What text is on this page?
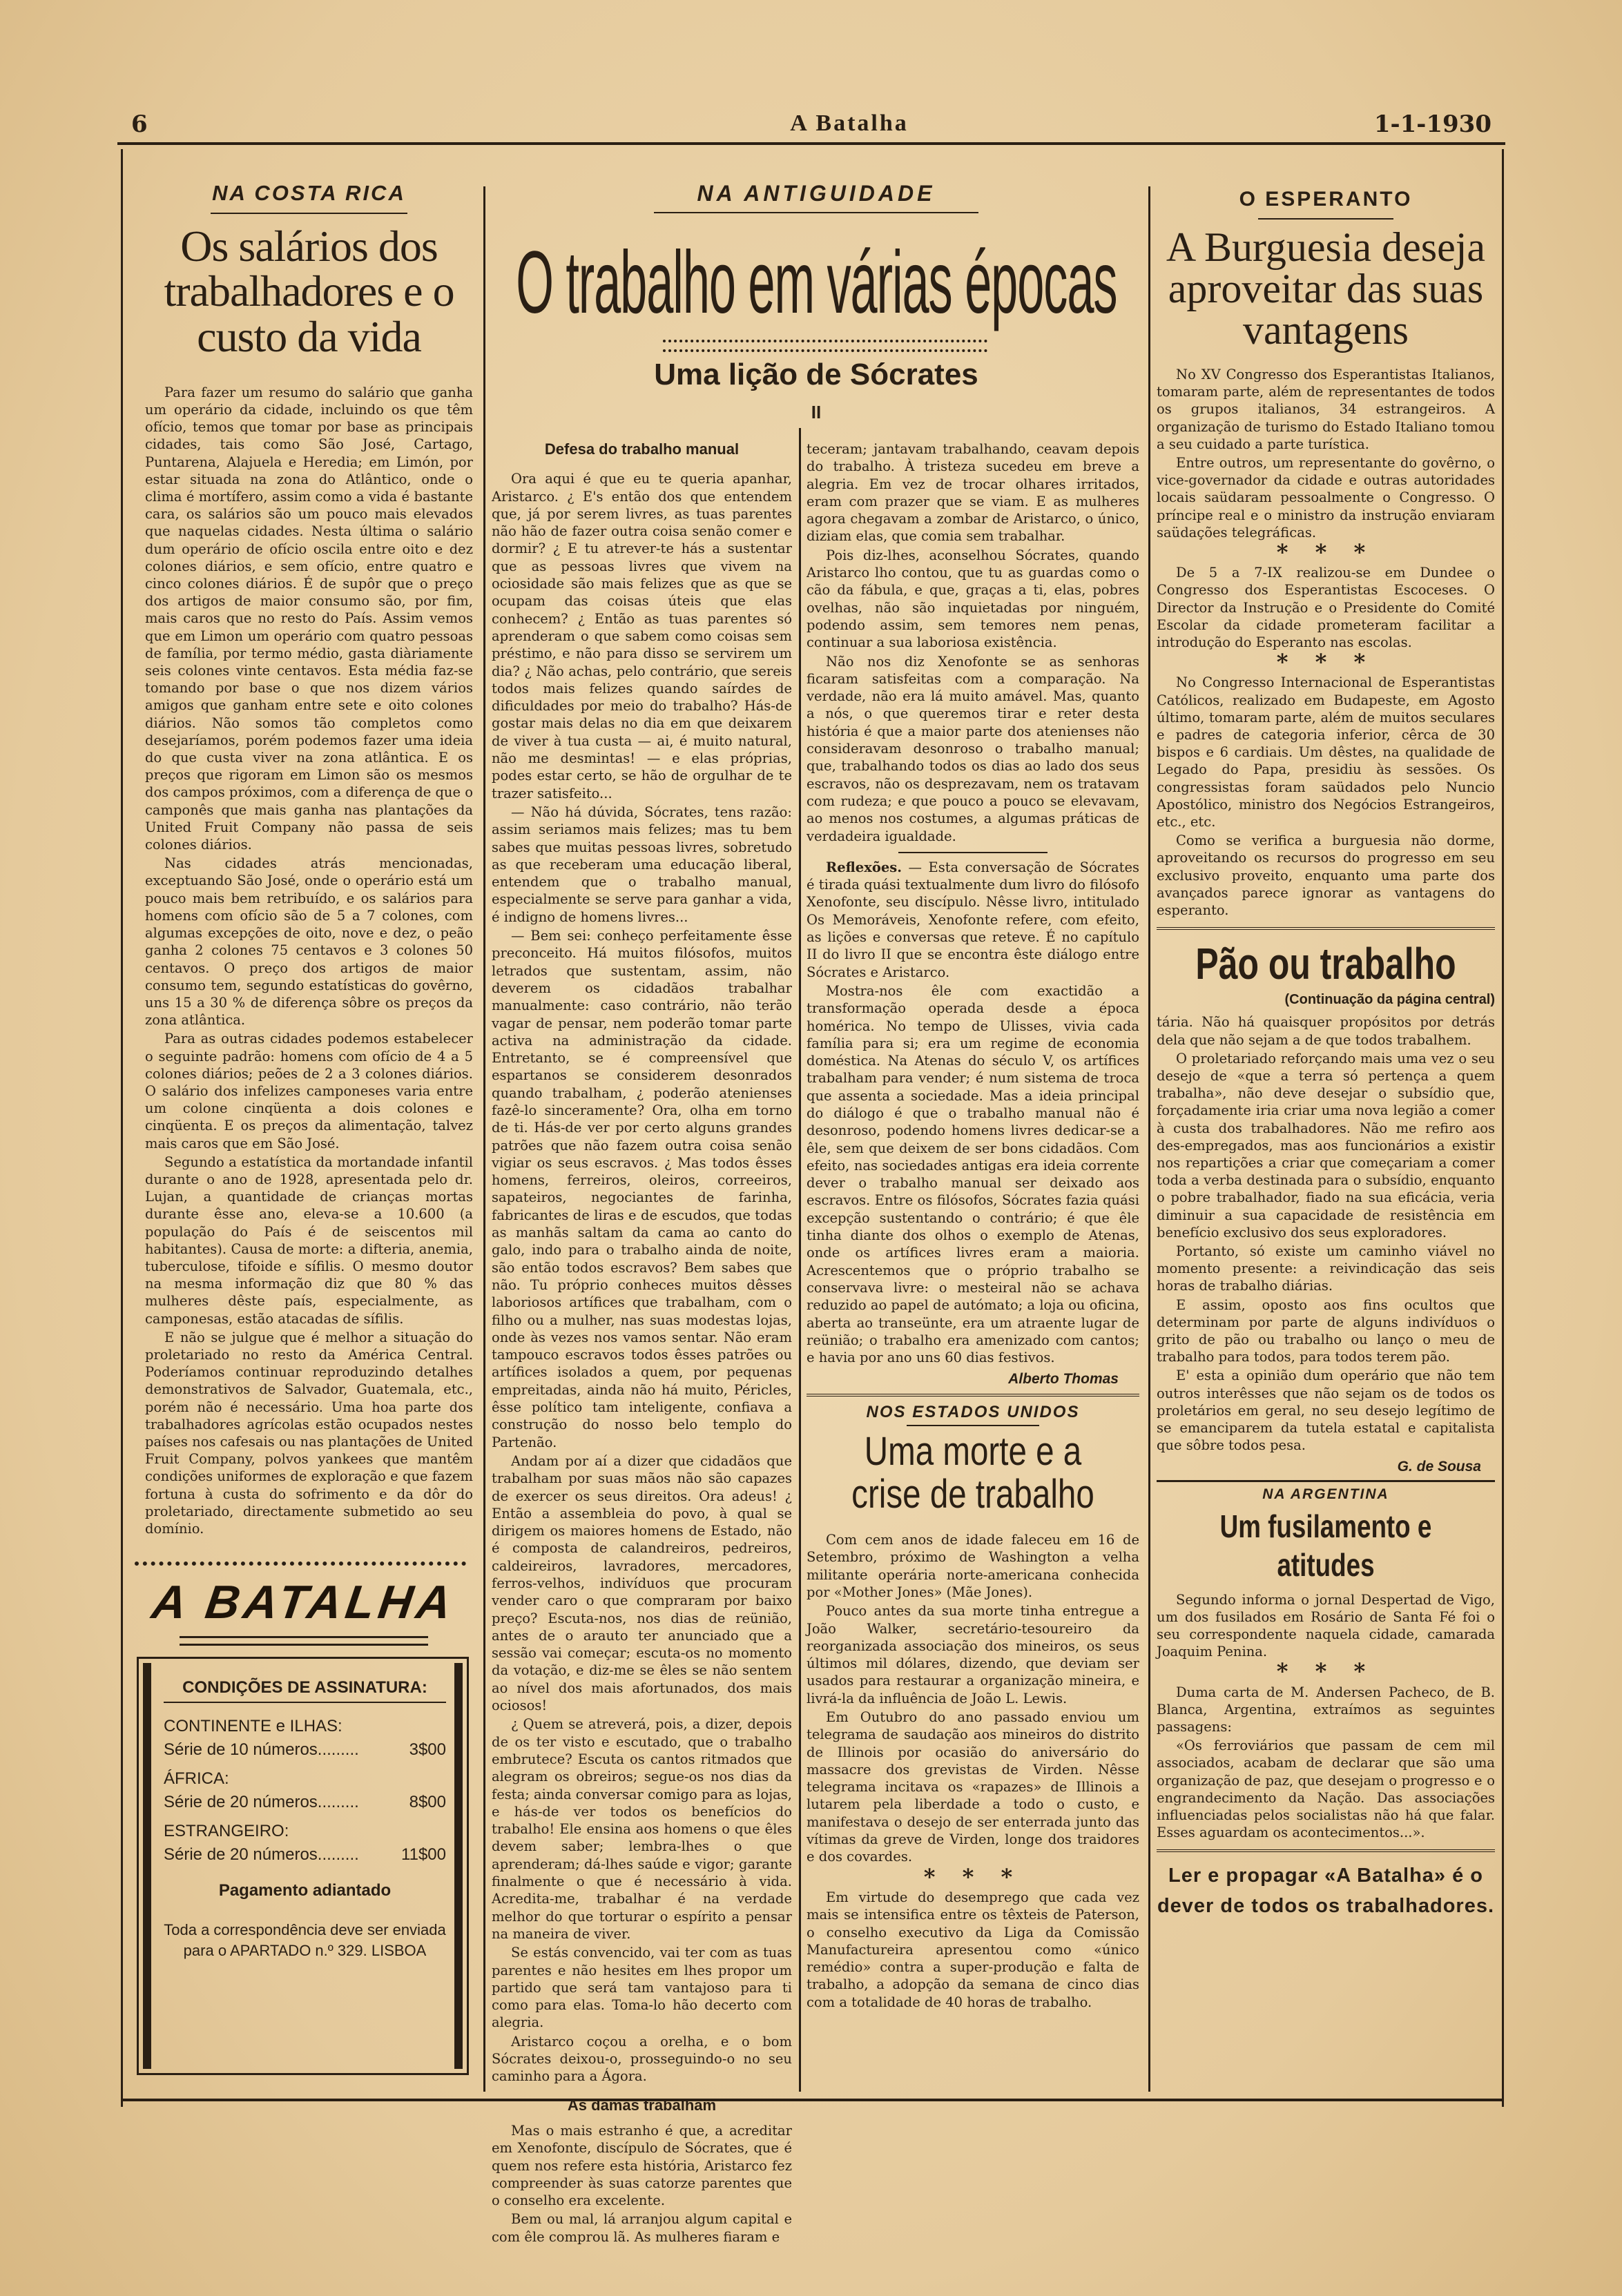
6	A Batalha	1-1-1930
NA COSTA RICA
Os salários dos trabalhadores e o custo da vida

Para fazer um resumo do salário que ganha um operário da cidade, incluindo os que têm ofício, temos que tomar por base as principais cidades, tais como São José, Cartago, Puntarena, Alajuela e Heredia; em Limón, por estar situada na zona do Atlântico, onde o clima é mortífero, assim como a vida é bastante cara, os salários são um pouco mais elevados que naquelas cidades. Nesta última o salário dum operário de ofício oscila entre oito e dez colones diários, e sem ofício, entre quatro e cinco colones diários. É de supôr que o preço dos artigos de maior consumo são, por fim, mais caros que no resto do País. Assim vemos que em Limon um operário com quatro pessoas de família, por termo médio, gasta diàriamente seis colones vinte centavos. Esta média faz-se tomando por base o que nos dizem vários amigos que ganham entre sete e oito colones diários. Não somos tão completos como desejaríamos, porém podemos fazer uma ideia do que custa viver na zona atlântica. E os preços que rigoram em Limon são os mesmos dos campos próximos, com a diferença de que o camponês que mais ganha nas plantações da United Fruit Company não passa de seis colones diários.

Nas cidades atrás mencionadas, exceptuando São José, onde o operário está um pouco mais bem retribuído, e os salários para homens com ofício são de 5 a 7 colones, com algumas excepções de oito, nove e dez, o peão ganha 2 colones 75 centavos e 3 colones 50 centavos. O preço dos artigos de maior consumo tem, segundo estatísticas do govêrno, uns 15 a 30 % de diferença sôbre os preços da zona atlântica.

Para as outras cidades podemos estabelecer o seguinte padrão: homens com ofício de 4 a 5 colones diários; peões de 2 a 3 colones diários. O salário dos infelizes camponeses varia entre um colone cinqüenta a dois colones e cinqüenta. E os preços da alimentação, talvez mais caros que em São José.

Segundo a estatística da mortandade infantil durante o ano de 1928, apresentada pelo dr. Lujan, a quantidade de crianças mortas durante êsse ano, eleva-se a 10.600 (a população do País é de seiscentos mil habitantes). Causa de morte: a difteria, anemia, tuberculose, tifoide e sífilis. O mesmo doutor na mesma informação diz que 80 % das mulheres dêste país, especialmente, as camponesas, estão atacadas de sífilis.

E não se julgue que é melhor a situação do proletariado no resto da América Central. Poderíamos continuar reproduzindo detalhes demonstrativos de Salvador, Guatemala, etc., porém não é necessário. Uma hoa parte dos trabalhadores agrícolas estão ocupados nestes países nos cafesais ou nas plantações de United Fruit Company, polvos yankees que mantêm condições uniformes de exploração e que fazem fortuna à custa do sofrimento e da dôr do proletariado, directamente submetido ao seu domínio.

A BATALHA
CONDIÇÕES DE ASSINATURA:
CONTINENTE e ILHAS:
Série de 10 números.........	3$00
ÁFRICA:
Série de 20 números.........	8$00
ESTRANGEIRO:
Série de 20 números.........	11$00
Pagamento adiantado
Toda a correspondência deve ser enviada para o APARTADO n.º 329. LISBOA
NA ANTIGUIDADE
O trabalho em várias épocas
Uma lição de Sócrates
II
Defesa do trabalho manual

Ora aqui é que eu te queria apanhar, Aristarco. ¿ E's então dos que entendem que, já por serem livres, as tuas parentes não hão de fazer outra coisa senão comer e dormir? ¿ E tu atrever-te hás a sustentar que as pessoas livres que vivem na ociosidade são mais felizes que as que se ocupam das coisas úteis que elas conhecem? ¿ Então as tuas parentes só aprenderam o que sabem como coisas sem préstimo, e não para disso se servirem um dia? ¿ Não achas, pelo contrário, que sereis todos mais felizes quando saírdes de dificuldades por meio do trabalho? Hás-de gostar mais delas no dia em que deixarem de viver à tua custa — ai, é muito natural, não me desmintas! — e elas próprias, podes estar certo, se hão de orgulhar de te trazer satisfeito...

— Não há dúvida, Sócrates, tens razão: assim seriamos mais felizes; mas tu bem sabes que muitas pessoas livres, sobretudo as que receberam uma educação liberal, entendem que o trabalho manual, especialmente se serve para ganhar a vida, é indigno de homens livres...

— Bem sei: conheço perfeitamente êsse preconceito. Há muitos filósofos, muitos letrados que sustentam, assim, não deverem os cidadãos trabalhar manualmente: caso contrário, não terão vagar de pensar, nem poderão tomar parte activa na administração da cidade. Entretanto, se é compreensível que espartanos se considerem desonrados quando trabalham, ¿ poderão atenienses fazê-lo sinceramente? Ora, olha em torno de ti. Hás-de ver por certo alguns grandes patrões que não fazem outra coisa senão vigiar os seus escravos. ¿ Mas todos êsses homens, ferreiros, oleiros, correeiros, sapateiros, negociantes de farinha, fabricantes de liras e de escudos, que todas as manhãs saltam da cama ao canto do galo, indo para o trabalho ainda de noite, são então todos escravos? Bem sabes que não. Tu próprio conheces muitos dêsses laboriosos artífices que trabalham, com o filho ou a mulher, nas suas modestas lojas, onde às vezes nos vamos sentar. Não eram tampouco escravos todos êsses patrões ou artífices isolados a quem, por pequenas empreitadas, ainda não há muito, Péricles, êsse político tam inteligente, confiava a construção do nosso belo templo do Partenão.

Andam por aí a dizer que cidadãos que trabalham por suas mãos não são capazes de exercer os seus direitos. Ora adeus! ¿ Então a assembleia do povo, à qual se dirigem os maiores homens de Estado, não é composta de calandreiros, pedreiros, caldeireiros, lavradores, mercadores, ferros-velhos, indivíduos que procuram vender caro o que compraram por baixo preço? Escuta-nos, nos dias de reünião, antes de o arauto ter anunciado que a sessão vai começar; escuta-os no momento da votação, e diz-me se êles se não sentem ao nível dos mais afortunados, dos mais ociosos!

¿ Quem se atreverá, pois, a dizer, depois de os ter visto e escutado, que o trabalho embrutece? Escuta os cantos ritmados que alegram os obreiros; segue-os nos dias da festa; ainda conversar comigo para as lojas, e hás-de ver todos os benefícios do trabalho! Ele ensina aos homens o que êles devem saber; lembra-lhes o que aprenderam; dá-lhes saúde e vigor; garante finalmente o que é necessário à vida. Acredita-me, trabalhar é na verdade melhor do que torturar o espírito a pensar na maneira de viver.

Se estás convencido, vai ter com as tuas parentes e não hesites em lhes propor um partido que será tam vantajoso para ti como para elas. Toma-lo hão decerto com alegria.

Aristarco coçou a orelha, e o bom Sócrates deixou-o, prosseguindo-o no seu caminho para a Ágora.

As damas trabalham

Mas o mais estranho é que, a acreditar em Xenofonte, discípulo de Sócrates, que é quem nos refere esta história, Aristarco fez compreender às suas catorze parentes que o conselho era excelente.

Bem ou mal, lá arranjou algum capital e com êle comprou lã. As mulheres fiaram e

teceram; jantavam trabalhando, ceavam depois do trabalho. À tristeza sucedeu em breve a alegria. Em vez de trocar olhares irritados, eram com prazer que se viam. E as mulheres agora chegavam a zombar de Aristarco, o único, diziam elas, que comia sem trabalhar.

Pois diz-lhes, aconselhou Sócrates, quando Aristarco lho contou, que tu as guardas como o cão da fábula, e que, graças a ti, elas, pobres ovelhas, não são inquietadas por ninguém, podendo assim, sem temores nem penas, continuar a sua laboriosa existência.

Não nos diz Xenofonte se as senhoras ficaram satisfeitas com a comparação. Na verdade, não era lá muito amável. Mas, quanto a nós, o que queremos tirar e reter desta história é que a maior parte dos atenienses não consideravam desonroso o trabalho manual; que, trabalhando todos os dias ao lado dos seus escravos, não os desprezavam, nem os tratavam com rudeza; e que pouco a pouco se elevavam, ao menos nos costumes, a algumas práticas de verdadeira igualdade.

Reflexões. — Esta conversação de Sócrates é tirada quási textualmente dum livro do filósofo Xenofonte, seu discípulo. Nêsse livro, intitulado Os Memoráveis, Xenofonte refere, com efeito, as lições e conversas que reteve. É no capítulo II do livro II que se encontra êste diálogo entre Sócrates e Aristarco.

Mostra-nos êle com exactidão a transformação operada desde a época homérica. No tempo de Ulisses, vivia cada família para si; era um regime de economia doméstica. Na Atenas do século V, os artífices trabalham para vender; é num sistema de troca que assenta a sociedade. Mas a ideia principal do diálogo é que o trabalho manual não é desonroso, podendo homens livres dedicar-se a êle, sem que deixem de ser bons cidadãos. Com efeito, nas sociedades antigas era ideia corrente dever o trabalho manual ser deixado aos escravos. Entre os filósofos, Sócrates fazia quási excepção sustentando o contrário; é que êle tinha diante dos olhos o exemplo de Atenas, onde os artífices livres eram a maioria. Acrescentemos que o próprio trabalho se conservava livre: o mesteiral não se achava reduzido ao papel de autómato; a loja ou oficina, aberta ao transeünte, era um atraente lugar de reünião; o trabalho era amenizado com cantos; e havia por ano uns 60 dias festivos.

Alberto Thomas
NOS ESTADOS UNIDOS
Uma morte e a crise de trabalho

Com cem anos de idade faleceu em 16 de Setembro, próximo de Washington a velha militante operária norte-americana conhecida por «Mother Jones» (Mãe Jones).

Pouco antes da sua morte tinha entregue a João Walker, secretário-tesoureiro da reorganizada associação dos mineiros, os seus últimos mil dólares, dizendo, que deviam ser usados para restaurar a organização mineira, e livrá-la da influência de João L. Lewis.

Em Outubro do ano passado enviou um telegrama de saudação aos mineiros do distrito de Illinois por ocasião do aniversário do massacre dos grevistas de Virden. Nêsse telegrama incitava os «rapazes» de Illinois a lutarem pela liberdade a todo o custo, e manifestava o desejo de ser enterrada junto das vítimas da greve de Virden, longe dos traidores e dos covardes.

* * *

Em virtude do desemprego que cada vez mais se intensifica entre os têxteis de Paterson, o conselho executivo da Liga da Comissão Manufactureira apresentou como «único remédio» contra a super-produção e falta de trabalho, a adopção da semana de cinco dias com a totalidade de 40 horas de trabalho.

O ESPERANTO
A Burguesia deseja aproveitar das suas vantagens

No XV Congresso dos Esperantistas Italianos, tomaram parte, além de representantes de todos os grupos italianos, 34 estrangeiros. A organização de turismo do Estado Italiano tomou a seu cuidado a parte turística.

Entre outros, um representante do govêrno, o vice-governador da cidade e outras autoridades locais saüdaram pessoalmente o Congresso. O príncipe real e o ministro da instrução enviaram saüdações telegráficas.

* * *

De 5 a 7-IX realizou-se em Dundee o Congresso dos Esperantistas Escoceses. O Director da Instrução e o Presidente do Comité Escolar da cidade prometeram facilitar a introdução do Esperanto nas escolas.

* * *

No Congresso Internacional de Esperantistas Católicos, realizado em Budapeste, em Agosto último, tomaram parte, além de muitos seculares e padres de categoria inferior, cêrca de 30 bispos e 6 cardiais. Um dêstes, na qualidade de Legado do Papa, presidiu às sessões. Os congressistas foram saüdados pelo Nuncio Apostólico, ministro dos Negócios Estrangeiros, etc., etc.

Como se verifica a burguesia não dorme, aproveitando os recursos do progresso em seu exclusivo proveito, enquanto uma parte dos avançados parece ignorar as vantagens do esperanto.

Pão ou trabalho
(Continuação da página central)

tária. Não há quaisquer propósitos por detrás dela que não sejam a de que todos trabalhem.

O proletariado reforçando mais uma vez o seu desejo de «que a terra só pertença a quem trabalha», não deve desejar o subsídio que, forçadamente iria criar uma nova legião a comer à custa dos trabalhadores. Não me refiro aos des-empregados, mas aos funcionários a existir nos repartições a criar que começariam a comer toda a verba destinada para o subsídio, enquanto o pobre trabalhador, fiado na sua eficácia, veria diminuir a sua capacidade de resistência em benefício exclusivo dos seus exploradores.

Portanto, só existe um caminho viável no momento presente: a reivindicação das seis horas de trabalho diárias.

E assim, oposto aos fins ocultos que determinam por parte de alguns indivíduos o grito de pão ou trabalho ou lanço o meu de trabalho para todos, para todos terem pão.

E' esta a opinião dum operário que não tem outros interêsses que não sejam os de todos os proletários em geral, no seu desejo legítimo de se emanciparem da tutela estatal e capitalista que sôbre todos pesa.

G. de Sousa
NA ARGENTINA
Um fusilamento e atitudes

Segundo informa o jornal Despertad de Vigo, um dos fusilados em Rosário de Santa Fé foi o seu correspondente naquela cidade, camarada Joaquim Penina.

* * *

Duma carta de M. Andersen Pacheco, de B. Blanca, Argentina, extraímos as seguintes passagens:

«Os ferroviários que passam de cem mil associados, acabam de declarar que são uma organização de paz, que desejam o progresso e o engrandecimento da Nação. Das associações influenciadas pelos socialistas não há que falar. Esses aguardam os acontecimentos...».

Ler e propagar «A Batalha» é o dever de todos os trabalhadores.
